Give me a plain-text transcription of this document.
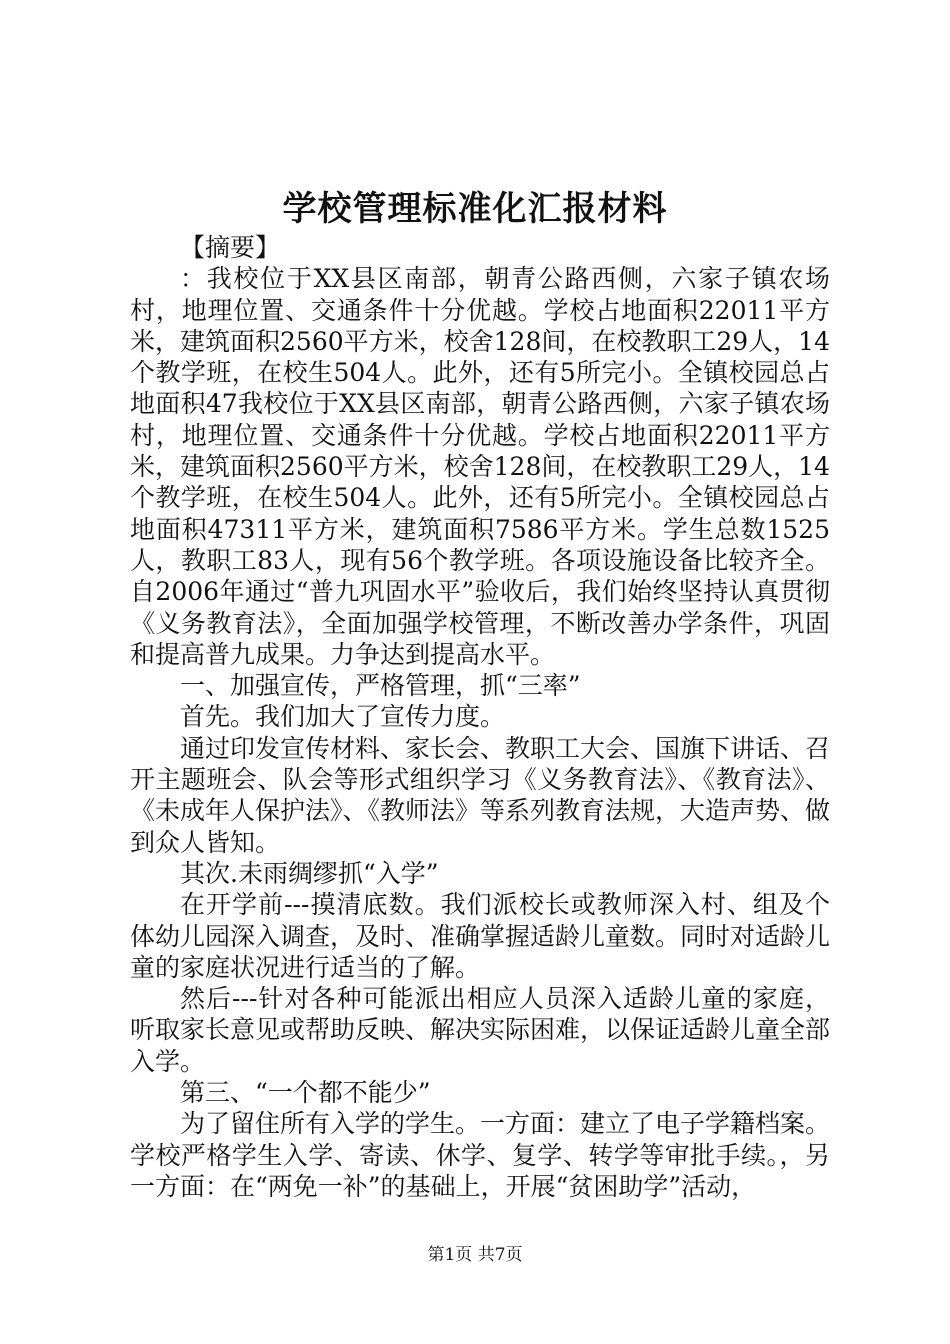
学校管理标准化汇报材料

【摘要】

：我校位于XX县区南部，朝青公路西侧，六家子镇农场村，地理位置、交通条件十分优越。学校占地面积22011平方米，建筑面积2560平方米，校舍128间，在校教职工29人，14个教学班，在校生504人。此外，还有5所完小。全镇校园总占地面积47我校位于XX县区南部，朝青公路西侧，六家子镇农场村，地理位置、交通条件十分优越。学校占地面积22011平方米，建筑面积2560平方米，校舍128间，在校教职工29人，14个教学班，在校生504人。此外，还有5所完小。全镇校园总占地面积47311平方米，建筑面积7586平方米。学生总数1525人，教职工83人，现有56个教学班。各项设施设备比较齐全。自2006年通过“普九巩固水平”验收后，我们始终坚持认真贯彻《义务教育法》，全面加强学校管理，不断改善办学条件，巩固和提高普九成果。力争达到提高水平。

一、加强宣传，严格管理，抓“三率”

首先。我们加大了宣传力度。

通过印发宣传材料、家长会、教职工大会、国旗下讲话、召开主题班会、队会等形式组织学习《义务教育法》、《教育法》、《未成年人保护法》、《教师法》等系列教育法规，大造声势、做到众人皆知。

其次.未雨绸缪抓“入学”

在开学前---摸清底数。我们派校长或教师深入村、组及个体幼儿园深入调查，及时、准确掌握适龄儿童数。同时对适龄儿童的家庭状况进行适当的了解。

然后---针对各种可能派出相应人员深入适龄儿童的家庭，听取家长意见或帮助反映、解决实际困难，以保证适龄儿童全部入学。

第三、“一个都不能少”

为了留住所有入学的学生。一方面：建立了电子学籍档案。学校严格学生入学、寄读、休学、复学、转学等审批手续。，另一方面：在“两免一补”的基础上，开展“贫困助学”活动，

第1页 共7页
